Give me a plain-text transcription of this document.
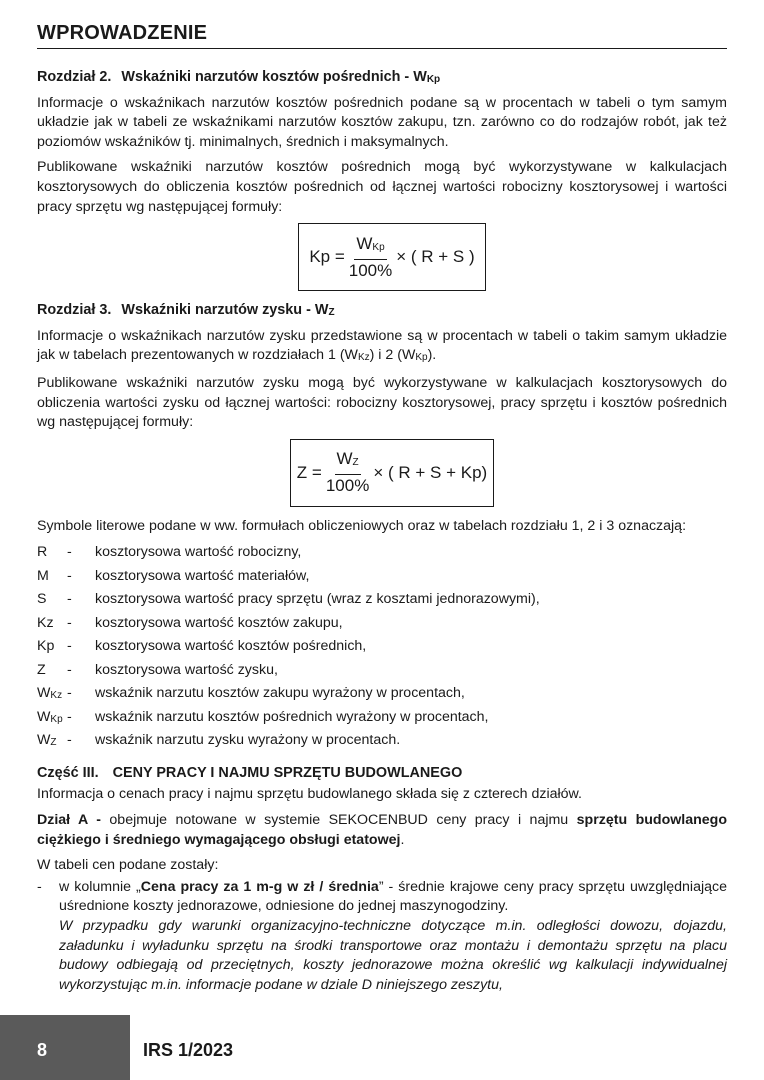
WPROWADZENIE
Rozdział 2. Wskaźniki narzutów kosztów pośrednich - WKp

Informacje o wskaźnikach narzutów kosztów pośrednich podane są w procentach w tabeli o tym samym układzie jak w tabeli ze wskaźnikami narzutów kosztów zakupu, tzn. zarówno co do rodzajów robót, jak też poziomów wskaźników tj. minimalnych, średnich i maksymalnych.

Publikowane wskaźniki narzutów kosztów pośrednich mogą być wykorzystywane w kalkulacjach kosztorysowych do obliczenia kosztów pośrednich od łącznej wartości robocizny kosztorysowej i wartości pracy sprzętu wg następującej formuły:

$Kp = \frac{\text{WKp}}{100\%}$ × ( R + S )
Rozdział 3. Wskaźniki narzutów zysku - WZ

Informacje o wskaźnikach narzutów zysku przedstawione są w procentach w tabeli o takim samym układzie jak w tabelach prezentowanych w rozdziałach 1 (WKz) i 2 (WKp).

Publikowane wskaźniki narzutów zysku mogą być wykorzystywane w kalkulacjach kosztorysowych do obliczenia wartości zysku od łącznej wartości: robocizny kosztorysowej, pracy sprzętu i kosztów pośrednich wg następującej formuły:

$Z = \frac{WZ}{100\%}$ × ( R + S + Kp)

Symbole literowe podane w ww. formułach obliczeniowych oraz w tabelach rozdziału 1, 2 i 3 oznaczają:

R	-	kosztorysowa wartość robocizny,
M	-	kosztorysowa wartość materiałów,
S	-	kosztorysowa wartość pracy sprzętu (wraz z kosztami jednorazowymi),
Kz -	kosztorysowa wartość kosztów zakupu,
Kp -	kosztorysowa wartość kosztów pośrednich,
Z	-	kosztorysowa wartość zysku,
WKz -	wskaźnik narzutu kosztów zakupu wyrażony w procentach,
WKp -	wskaźnik narzutu kosztów pośrednich wyrażony w procentach,
WZ -	wskaźnik narzutu zysku wyrażony w procentach.
Część III. CENY PRACY I NAJMU SPRZĘTU BUDOWLANEGO

Informacja o cenach pracy i najmu sprzętu budowlanego składa się z czterech działów.

Dział A - obejmuje notowane w systemie SEKOCENBUD ceny pracy i najmu sprzętu budowlanego ciężkiego i średniego wymagającego obsługi etatowej.

W tabeli cen podane zostały:

-	w kolumnie „Cena pracy za 1 m-g w zł / średnia” - średnie krajowe ceny pracy sprzętu uwzględniające uśrednione koszty jednorazowe, odniesione do jednej maszynogodziny.
W przypadku gdy warunki organizacyjno-techniczne dotyczące m.in. odległości dowozu, dojazdu, załadunku i wyładunku sprzętu na środki transportowe oraz montażu i demontażu sprzętu na placu budowy odbiegają od przeciętnych, koszty jednorazowe można określić wg kalkulacji indywidualnej wykorzystując m.in. informacje podane w dziale D niniejszego zeszytu,
8	IRS 1/2023
